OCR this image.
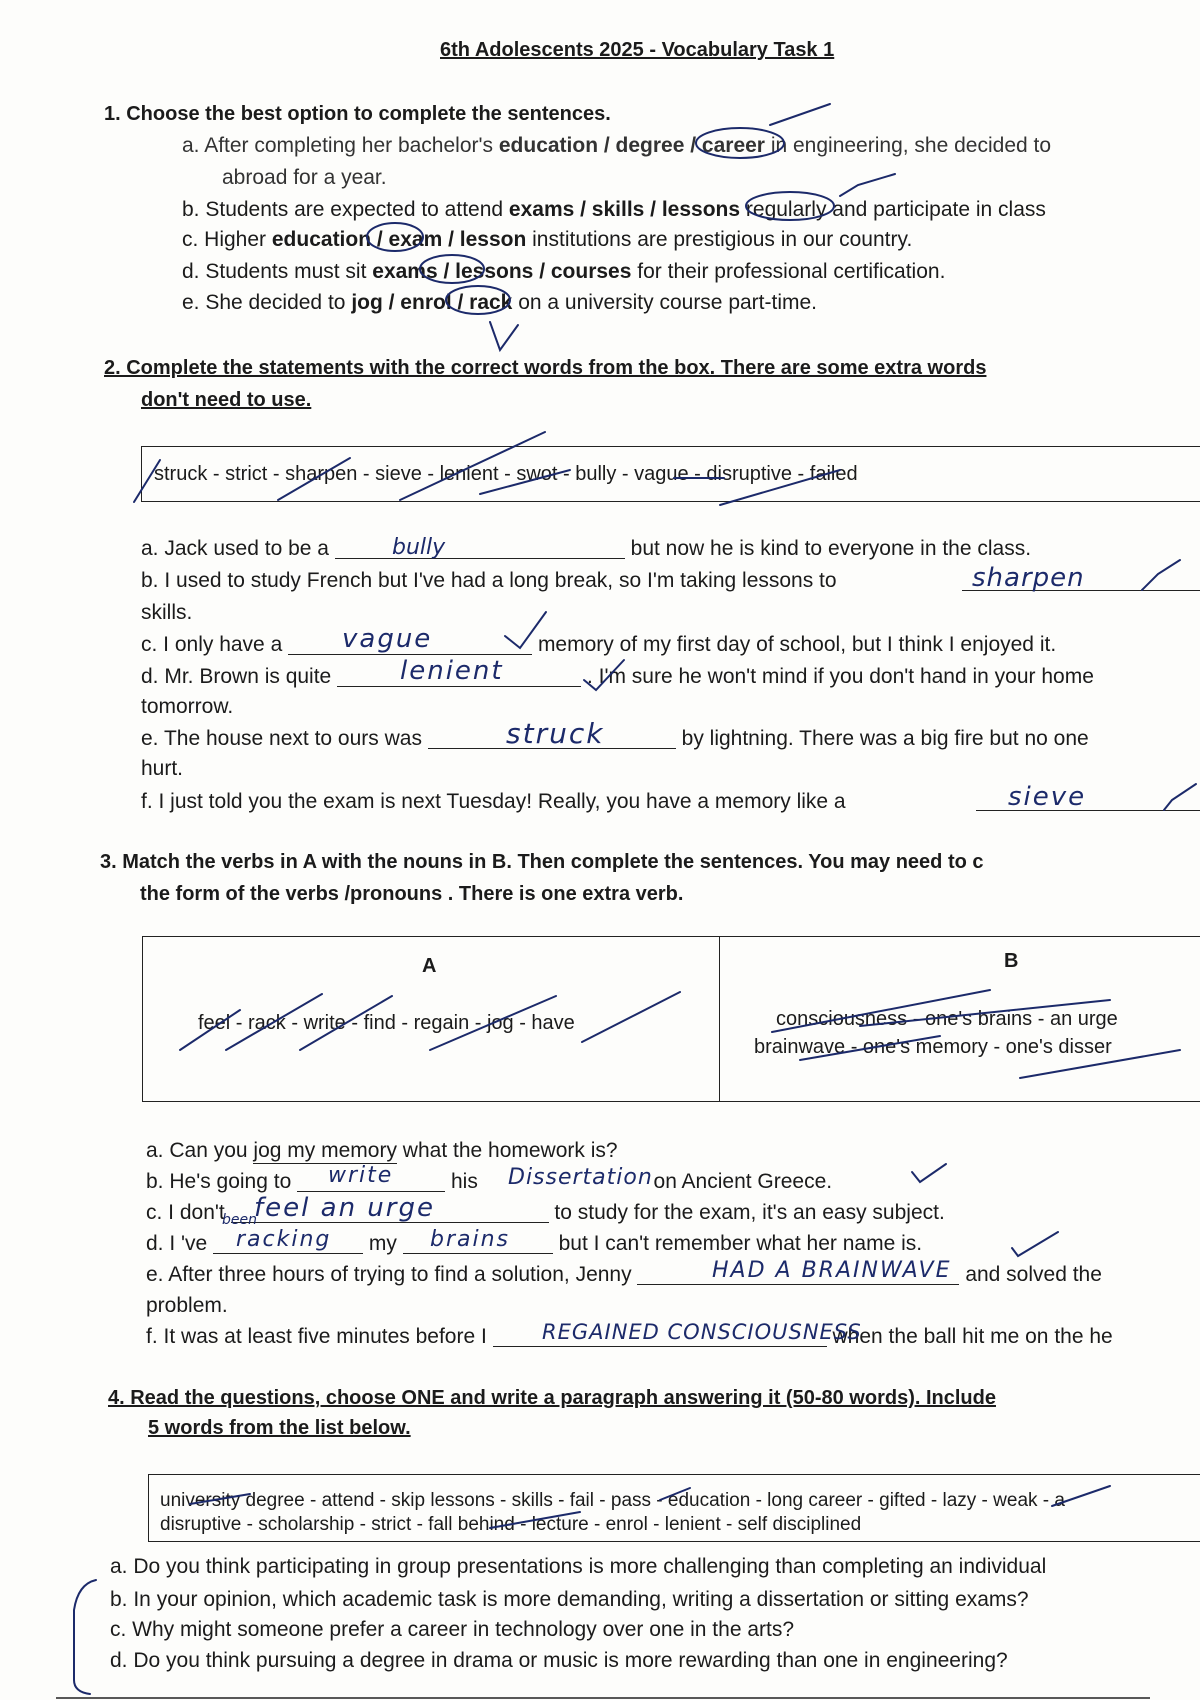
6th Adolescents 2025 - Vocabulary Task 1
1. Choose the best option to complete the sentences.
a. After completing her bachelor's education / degree / career in engineering, she decided to
abroad for a year.
b. Students are expected to attend exams / skills / lessons regularly and participate in class
c. Higher education / exam / lesson institutions are prestigious in our country.
d. Students must sit exams / lessons / courses for their professional certification.
e. She decided to jog / enrol / rack on a university course part-time.
2. Complete the statements with the correct words from the box. There are some extra words
don't need to use.
struck - strict - sharpen - sieve - lenient - swot - bully - vague - disruptive - failed
a. Jack used to be a	but now he is kind to everyone in the class.
bully
b. I used to study French but I've had a long break, so I'm taking lessons to	sharpen
skills.
c. I only have a	memory of my first day of school, but I think I enjoyed it.
vague
d. Mr. Brown is quite	. I'm sure he won't mind if you don't hand in your home
lenient
tomorrow.
e. The house next to ours was	by lightning. There was a big fire but no one
struck
hurt.
f. I just told you the exam is next Tuesday! Really, you have a memory like a	sieve
3. Match the verbs in A with the nouns in B. Then complete the sentences. You may need to c
the form of the verbs /pronouns . There is one extra verb.
A	B
feel - rack - write - find - regain - jog - have	consciousness - one's brains - an urge
brainwave - one's memory - one's disser
a. Can you jog my memory what the homework is?
b. He's going to	his	on Ancient Greece.
write	Dissertation
c. I don't	to study for the exam, it's an easy subject.
feel an urge
d. I 've	my	but I can't remember what her name is.
been
racking	brains
e. After three hours of trying to find a solution, Jenny	and solved the
HAD A BRAINWAVE
problem.
f. It was at least five minutes before I	when the ball hit me on the he
REGAINED CONSCIOUSNESS
4. Read the questions, choose ONE and write a paragraph answering it (50-80 words). Include
5 words from the list below.
university degree - attend - skip lessons - skills - fail - pass - education - long career - gifted - lazy - weak - a
disruptive - scholarship - strict - fall behind - lecture - enrol - lenient - self disciplined
a. Do you think participating in group presentations is more challenging than completing an individual
b. In your opinion, which academic task is more demanding, writing a dissertation or sitting exams?
c. Why might someone prefer a career in technology over one in the arts?
d. Do you think pursuing a degree in drama or music is more rewarding than one in engineering?
